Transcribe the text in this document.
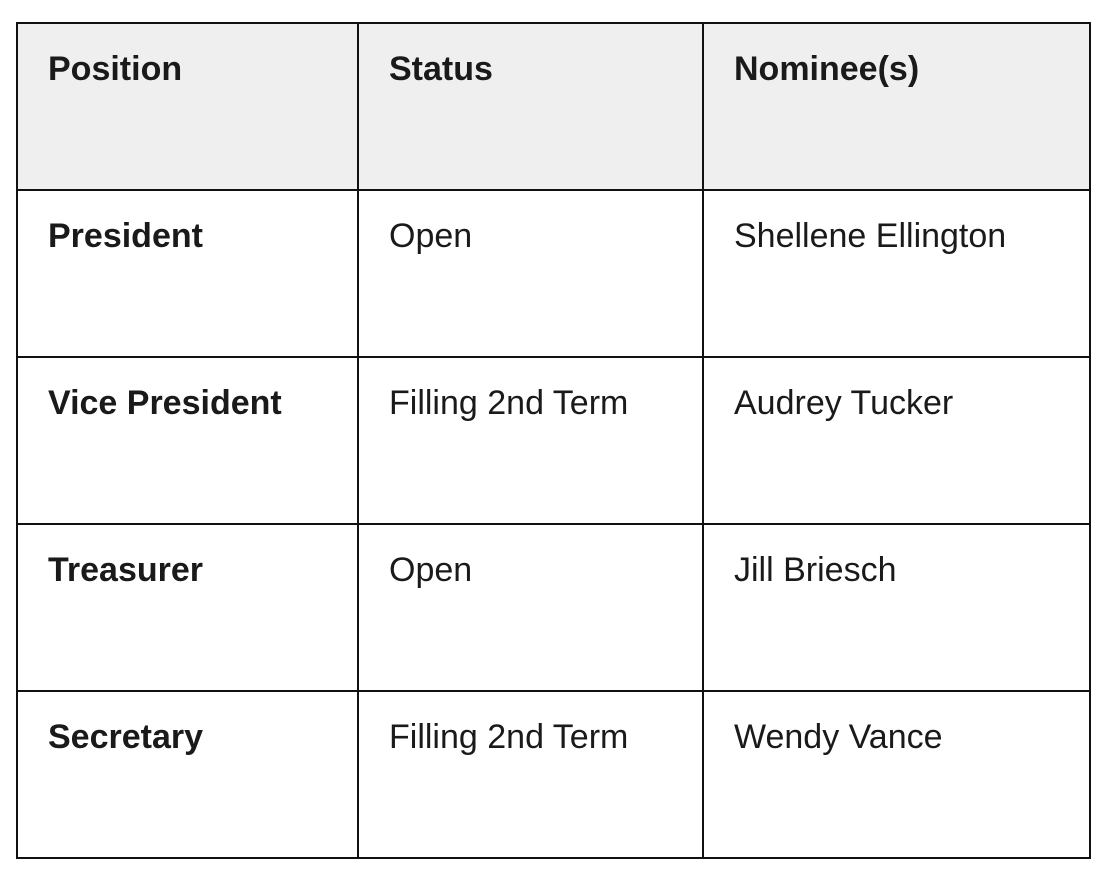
Position	Status	Nominee(s)
President	Open	Shellene Ellington
Vice President	Filling 2nd Term	Audrey Tucker
Treasurer	Open	Jill Briesch
Secretary	Filling 2nd Term	Wendy Vance
